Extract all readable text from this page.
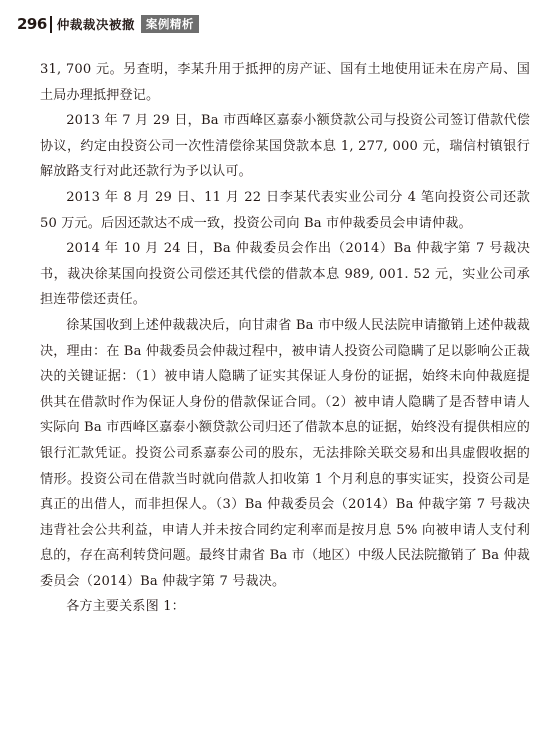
296 仲裁裁决被撤 案例精析

31, 700 元。另查明，李某升用于抵押的房产证、国有土地使用证未在房产局、国土局办理抵押登记。

2013 年 7 月 29 日，Ba 市西峰区嘉泰小额贷款公司与投资公司签订借款代偿协议，约定由投资公司一次性清偿徐某国贷款本息 1, 277, 000 元，瑞信村镇银行解放路支行对此还款行为予以认可。

2013 年 8 月 29 日、11 月 22 日李某代表实业公司分 4 笔向投资公司还款 50 万元。后因还款达不成一致，投资公司向 Ba 市仲裁委员会申请仲裁。

2014 年 10 月 24 日，Ba 仲裁委员会作出（2014）Ba 仲裁字第 7 号裁决书，裁决徐某国向投资公司偿还其代偿的借款本息 989, 001. 52 元，实业公司承担连带偿还责任。

徐某国收到上述仲裁裁决后，向甘肃省 Ba 市中级人民法院申请撤销上述仲裁裁决，理由：在 Ba 仲裁委员会仲裁过程中，被申请人投资公司隐瞒了足以影响公正裁决的关键证据：（1）被申请人隐瞒了证实其保证人身份的证据，始终未向仲裁庭提供其在借款时作为保证人身份的借款保证合同。（2）被申请人隐瞒了是否替申请人实际向 Ba 市西峰区嘉泰小额贷款公司归还了借款本息的证据，始终没有提供相应的银行汇款凭证。投资公司系嘉泰公司的股东，无法排除关联交易和出具虚假收据的情形。投资公司在借款当时就向借款人扣收第 1 个月利息的事实证实，投资公司是真正的出借人，而非担保人。（3）Ba 仲裁委员会（2014）Ba 仲裁字第 7 号裁决违背社会公共利益，申请人并未按合同约定利率而是按月息 5% 向被申请人支付利息的，存在高利转贷问题。最终甘肃省 Ba 市（地区）中级人民法院撤销了 Ba 仲裁委员会（2014）Ba 仲裁字第 7 号裁决。

各方主要关系图 1：
